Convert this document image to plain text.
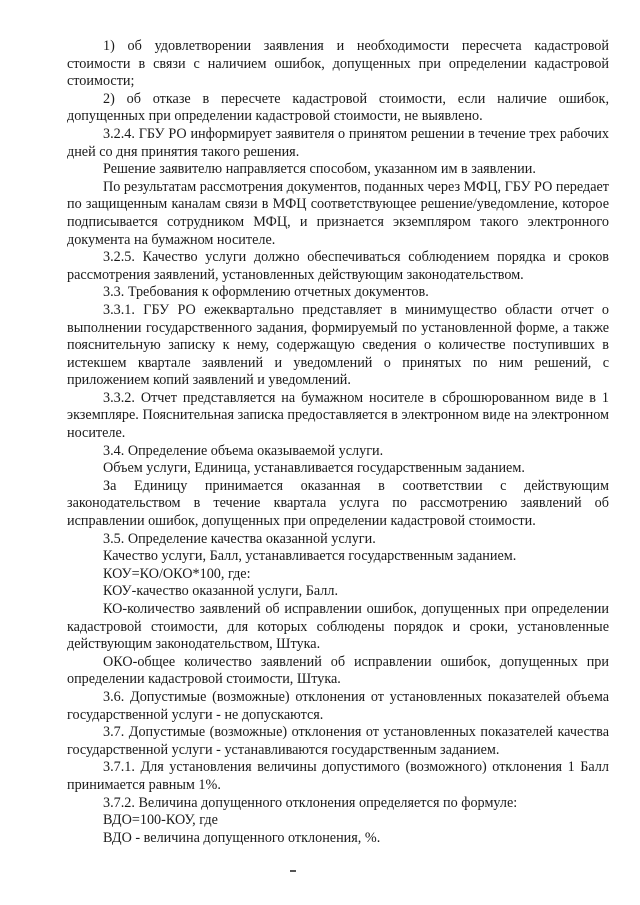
1) об удовлетворении заявления и необходимости пересчета кадастровой стоимости в связи с наличием ошибок, допущенных при определении кадастровой стоимости;

2) об отказе в пересчете кадастровой стоимости, если наличие ошибок, допущенных при определении кадастровой стоимости, не выявлено.

3.2.4. ГБУ РО информирует заявителя о принятом решении в течение трех рабочих дней со дня принятия такого решения.

Решение заявителю направляется способом, указанном им в заявлении.

По результатам рассмотрения документов, поданных через МФЦ, ГБУ РО передает по защищенным каналам связи в МФЦ соответствующее решение/уведомление, которое подписывается сотрудником МФЦ, и признается экземпляром такого электронного документа на бумажном носителе.

3.2.5. Качество услуги должно обеспечиваться соблюдением порядка и сроков рассмотрения заявлений, установленных действующим законодательством.

3.3. Требования к оформлению отчетных документов.

3.3.1. ГБУ РО ежеквартально представляет в минимущество области отчет о выполнении государственного задания, формируемый по установленной форме, а также пояснительную записку к нему, содержащую сведения о количестве поступивших в истекшем квартале заявлений и уведомлений о принятых по ним решений, с приложением копий заявлений и уведомлений.

3.3.2. Отчет представляется на бумажном носителе в сброшюрованном виде в 1 экземпляре. Пояснительная записка предоставляется в электронном виде на электронном носителе.

3.4. Определение объема оказываемой услуги.

Объем услуги, Единица, устанавливается государственным заданием.

За Единицу принимается оказанная в соответствии с действующим законодательством в течение квартала услуга по рассмотрению заявлений об исправлении ошибок, допущенных при определении кадастровой стоимости.

3.5. Определение качества оказанной услуги.

Качество услуги, Балл, устанавливается государственным заданием.

КОУ=КО/ОКО*100, где:

КОУ-качество оказанной услуги, Балл.

КО-количество заявлений об исправлении ошибок, допущенных при определении кадастровой стоимости, для которых соблюдены порядок и сроки, установленные действующим законодательством, Штука.

ОКО-общее количество заявлений об исправлении ошибок, допущенных при определении кадастровой стоимости, Штука.

3.6. Допустимые (возможные) отклонения от установленных показателей объема государственной услуги - не допускаются.

3.7. Допустимые (возможные) отклонения от установленных показателей качества государственной услуги - устанавливаются государственным заданием.

3.7.1. Для установления величины допустимого (возможного) отклонения 1 Балл принимается равным 1%.

3.7.2. Величина допущенного отклонения определяется по формуле:

ВДО=100-КОУ, где

ВДО - величина допущенного отклонения, %.
